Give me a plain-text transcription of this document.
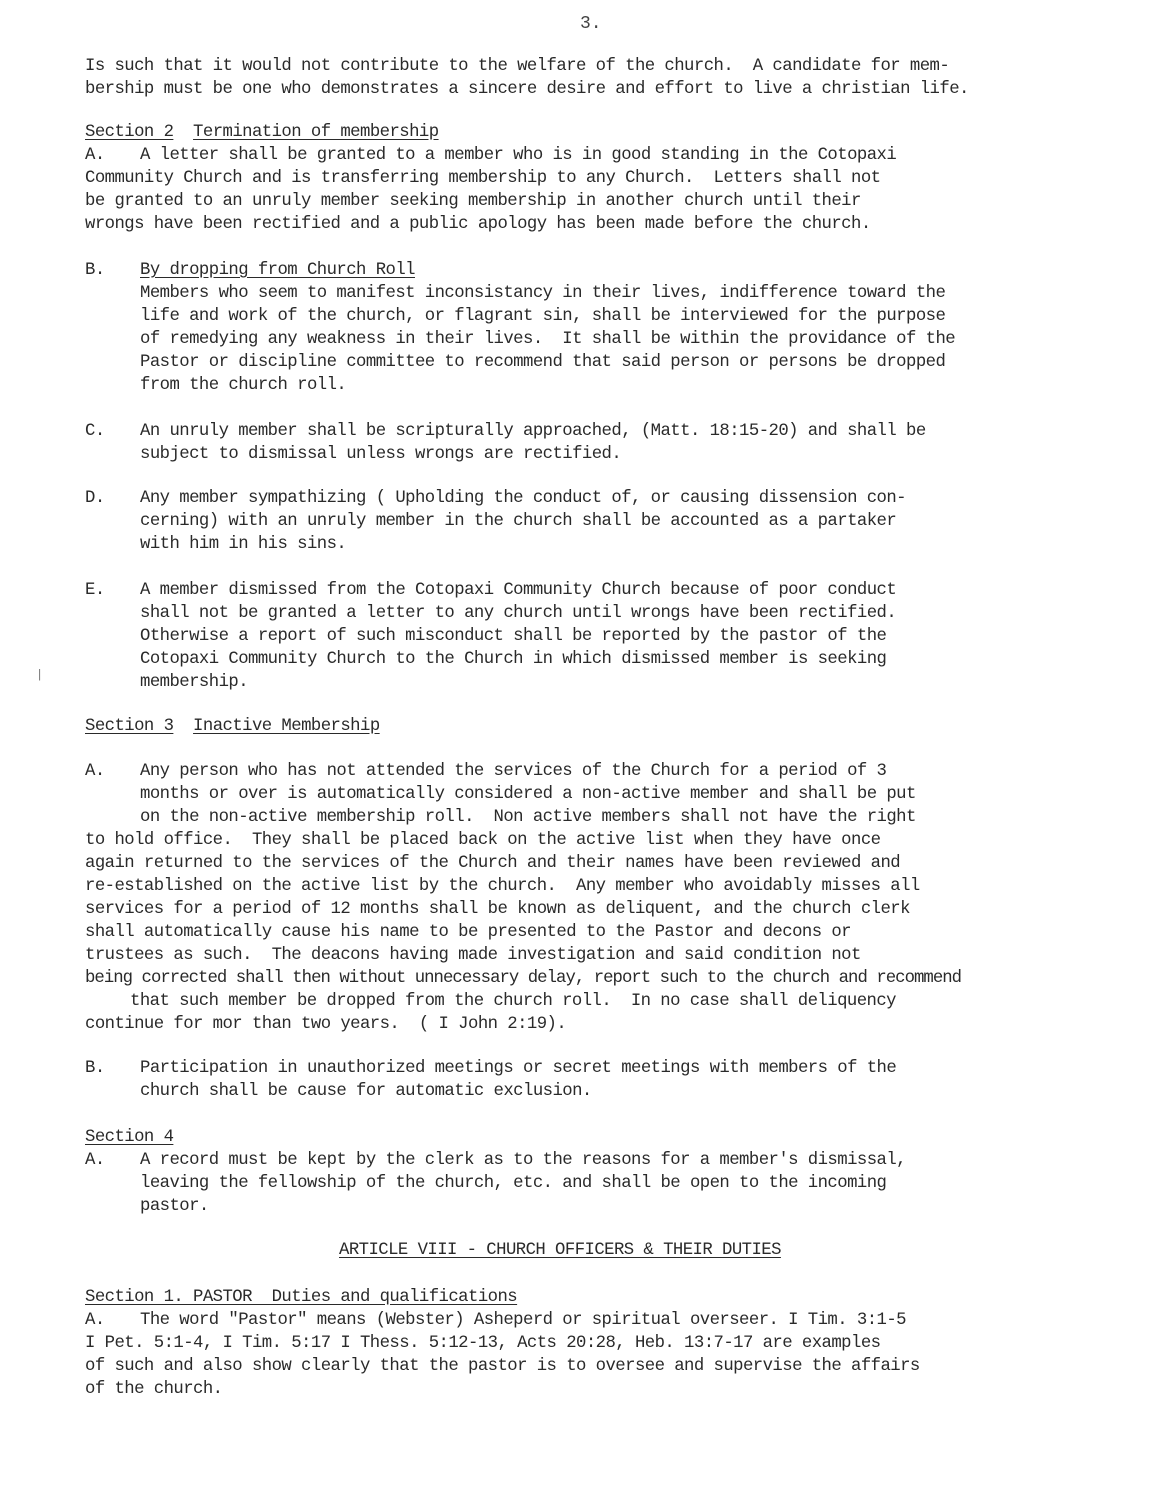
3.
|
Is such that it would not contribute to the welfare of the church.  A candidate for mem-
bership must be one who demonstrates a sincere desire and effort to live a christian life.
Section 2 Termination of membership
A. A letter shall be granted to a member who is in good standing in the Cotopaxi
Community Church and is transferring membership to any Church.  Letters shall not
be granted to an unruly member seeking membership in another church until their
wrongs have been rectified and a public apology has been made before the church.
B. By dropping from Church Roll
Members who seem to manifest inconsistancy in their lives, indifference toward the
life and work of the church, or flagrant sin, shall be interviewed for the purpose
of remedying any weakness in their lives.  It shall be within the providance of the
Pastor or discipline committee to recommend that said person or persons be dropped
from the church roll.
C. An unruly member shall be scripturally approached, (Matt. 18:15-20) and shall be
subject to dismissal unless wrongs are rectified.
D. Any member sympathizing ( Upholding the conduct of, or causing dissension con-
cerning) with an unruly member in the church shall be accounted as a partaker
with him in his sins.
E. A member dismissed from the Cotopaxi Community Church because of poor conduct
shall not be granted a letter to any church until wrongs have been rectified.
Otherwise a report of such misconduct shall be reported by the pastor of the
Cotopaxi Community Church to the Church in which dismissed member is seeking
membership.
Section 3 Inactive Membership
A. Any person who has not attended the services of the Church for a period of 3
months or over is automatically considered a non-active member and shall be put
on the non-active membership roll.  Non active members shall not have the right
to hold office.  They shall be placed back on the active list when they have once
again returned to the services of the Church and their names have been reviewed and
re-established on the active list by the church.  Any member who avoidably misses all
services for a period of 12 months shall be known as deliquent, and the church clerk
shall automatically cause his name to be presented to the Pastor and decons or
trustees as such.  The deacons having made investigation and said condition not
being corrected shall then without unnecessary delay, report such to the church and recommend
that such member be dropped from the church roll.  In no case shall deliquency
continue for mor than two years.  ( I John 2:19).
B. Participation in unauthorized meetings or secret meetings with members of the
church shall be cause for automatic exclusion.
Section 4
A. A record must be kept by the clerk as to the reasons for a member's dismissal,
leaving the fellowship of the church, etc. and shall be open to the incoming
pastor.
ARTICLE VIII - CHURCH OFFICERS & THEIR DUTIES
Section 1. PASTOR  Duties and qualifications
A. The word "Pastor" means (Webster) Asheperd or spiritual overseer. I Tim. 3:1-5
I Pet. 5:1-4, I Tim. 5:17 I Thess. 5:12-13, Acts 20:28, Heb. 13:7-17 are examples
of such and also show clearly that the pastor is to oversee and supervise the affairs
of the church.
